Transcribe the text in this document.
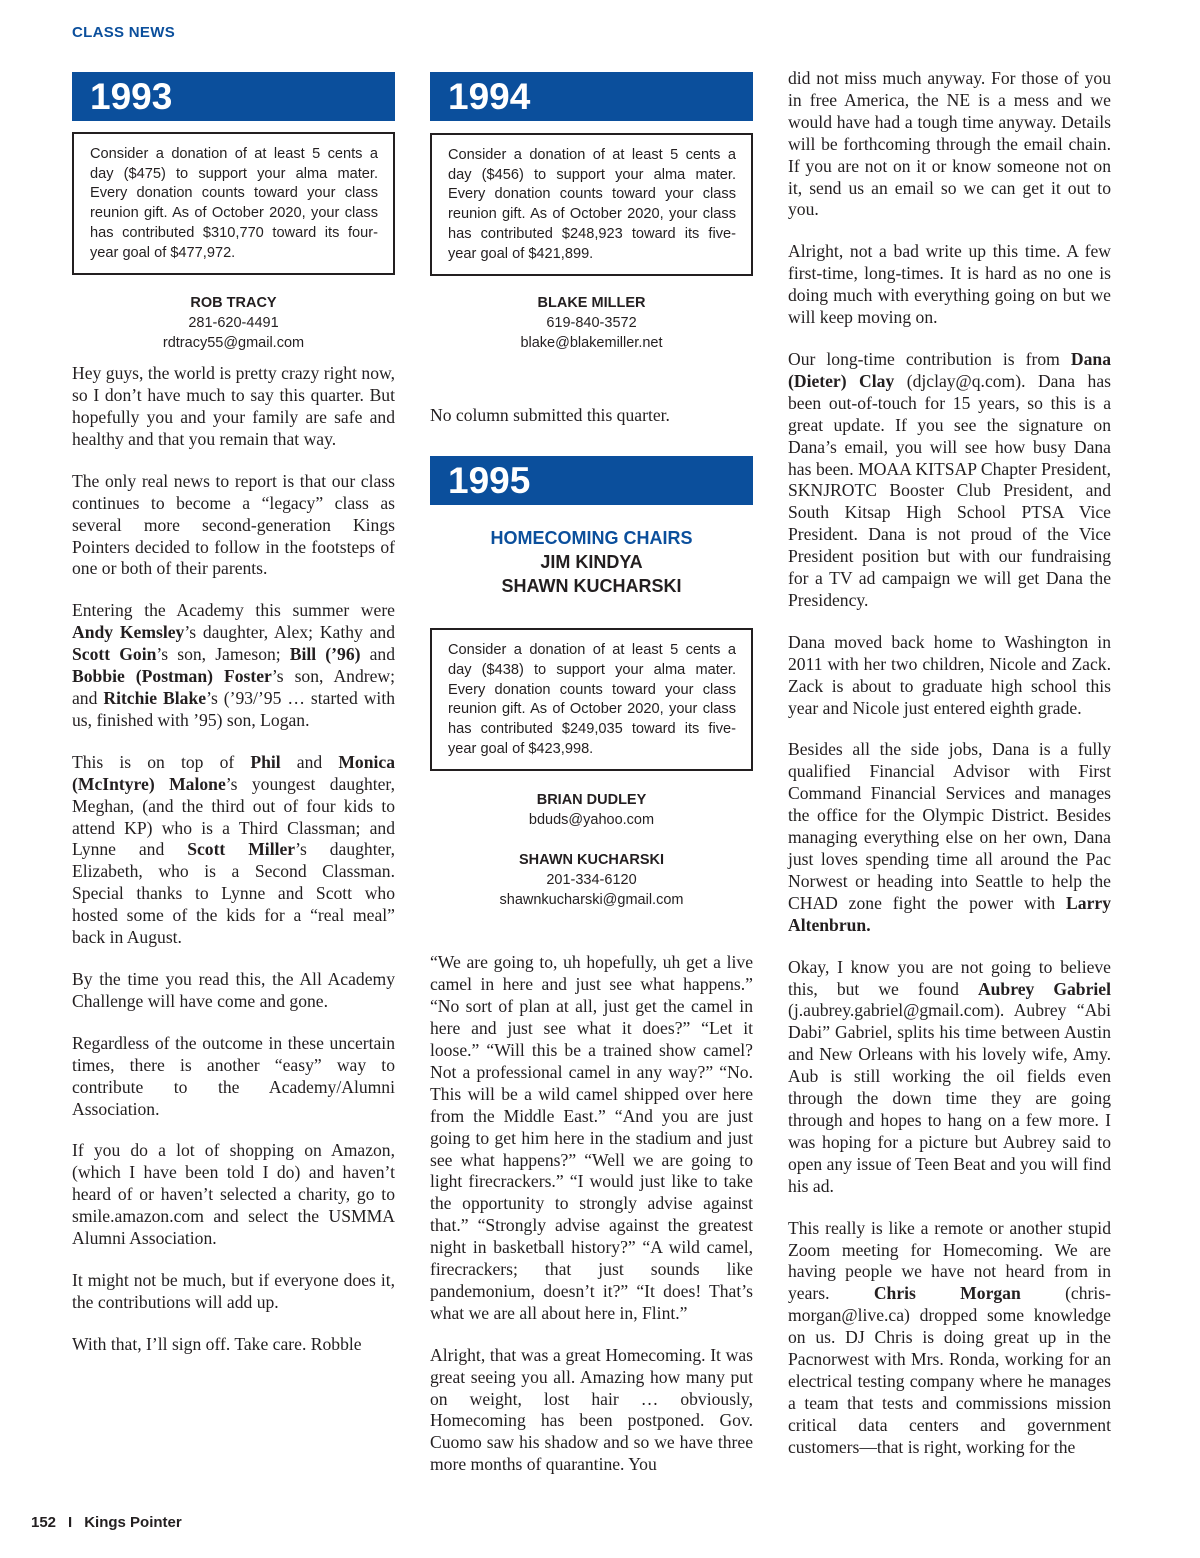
CLASS NEWS
1993
Consider a donation of at least 5 cents a day ($475) to support your alma mater. Every donation counts toward your class reunion gift. As of October 2020, your class has contributed $310,770 toward its four-year goal of $477,972.
ROB TRACY
281-620-4491
rdtracy55@gmail.com

Hey guys, the world is pretty crazy right now, so I don’t have much to say this quarter. But hopefully you and your family are safe and healthy and that you remain that way.

The only real news to report is that our class continues to become a “legacy” class as several more second-generation Kings Pointers decided to follow in the footsteps of one or both of their parents.

Entering the Academy this summer were Andy Kemsley’s daughter, Alex; Kathy and Scott Goin’s son, Jameson; Bill (’96) and Bobbie (Postman) Foster’s son, Andrew; and Ritchie Blake’s (’93/’95 … started with us, finished with ’95) son, Logan.

This is on top of Phil and Monica (McIntyre) Malone’s youngest daughter, Meghan, (and the third out of four kids to attend KP) who is a Third Classman; and Lynne and Scott Miller’s daughter, Elizabeth, who is a Second Classman. Special thanks to Lynne and Scott who hosted some of the kids for a “real meal” back in August.

By the time you read this, the All Academy Challenge will have come and gone.

Regardless of the outcome in these uncertain times, there is another “easy” way to contribute to the Academy/Alumni Association.

If you do a lot of shopping on Amazon, (which I have been told I do) and haven’t heard of or haven’t selected a charity, go to smile.amazon.com and select the USMMA Alumni Association.

It might not be much, but if everyone does it, the contributions will add up.

With that, I’ll sign off. Take care. Robble

1994
Consider a donation of at least 5 cents a day ($456) to support your alma mater. Every donation counts toward your class reunion gift. As of October 2020, your class has contributed $248,923 toward its five-year goal of $421,899.
BLAKE MILLER
619-840-3572
blake@blakemiller.net
No column submitted this quarter.
1995
HOMECOMING CHAIRS
JIM KINDYA
SHAWN KUCHARSKI
Consider a donation of at least 5 cents a day ($438) to support your alma mater. Every donation counts toward your class reunion gift. As of October 2020, your class has contributed $249,035 toward its five-year goal of $423,998.
BRIAN DUDLEY
bduds@yahoo.com
SHAWN KUCHARSKI
201-334-6120
shawnkucharski@gmail.com

“We are going to, uh hopefully, uh get a live camel in here and just see what happens.” “No sort of plan at all, just get the camel in here and just see what it does?” “Let it loose.” “Will this be a trained show camel? Not a professional camel in any way?” “No. This will be a wild camel shipped over here from the Middle East.” “And you are just going to get him here in the stadium and just see what happens?” “Well we are going to light firecrackers.” “I would just like to take the opportunity to strongly advise against that.” “Strongly advise against the greatest night in basketball history?” “A wild camel, firecrackers; that just sounds like pandemonium, doesn’t it?” “It does! That’s what we are all about here in, Flint.”

Alright, that was a great Homecoming. It was great seeing you all. Amazing how many put on weight, lost hair … obviously, Homecoming has been postponed. Gov. Cuomo saw his shadow and so we have three more months of quarantine. You

did not miss much anyway. For those of you in free America, the NE is a mess and we would have had a tough time anyway. Details will be forthcoming through the email chain. If you are not on it or know someone not on it, send us an email so we can get it out to you.

Alright, not a bad write up this time. A few first-time, long-times. It is hard as no one is doing much with everything going on but we will keep moving on.

Our long-time contribution is from Dana (Dieter) Clay (djclay@q.com). Dana has been out-of-touch for 15 years, so this is a great update. If you see the signature on Dana’s email, you will see how busy Dana has been. MOAA KITSAP Chapter President, SKNJROTC Booster Club President, and South Kitsap High School PTSA Vice President. Dana is not proud of the Vice President position but with our fundraising for a TV ad campaign we will get Dana the Presidency.

Dana moved back home to Washington in 2011 with her two children, Nicole and Zack. Zack is about to graduate high school this year and Nicole just entered eighth grade.

Besides all the side jobs, Dana is a fully qualified Financial Advisor with First Command Financial Services and manages the office for the Olympic District. Besides managing everything else on her own, Dana just loves spending time all around the Pac Norwest or heading into Seattle to help the CHAD zone fight the power with Larry Altenbrun.

Okay, I know you are not going to believe this, but we found Aubrey Gabriel (j.aubrey.gabriel@gmail.com). Aubrey “Abi Dabi” Gabriel, splits his time between Austin and New Orleans with his lovely wife, Amy. Aub is still working the oil fields even through the down time they are going through and hopes to hang on a few more. I was hoping for a picture but Aubrey said to open any issue of Teen Beat and you will find his ad.

This really is like a remote or another stupid Zoom meeting for Homecoming. We are having people we have not heard from in years. Chris Morgan (chris-morgan@live.ca) dropped some knowledge on us. DJ Chris is doing great up in the Pacnorwest with Mrs. Ronda, working for an electrical testing company where he manages a team that tests and commissions mission critical data centers and government customers—that is right, working for the

152 I Kings Pointer
